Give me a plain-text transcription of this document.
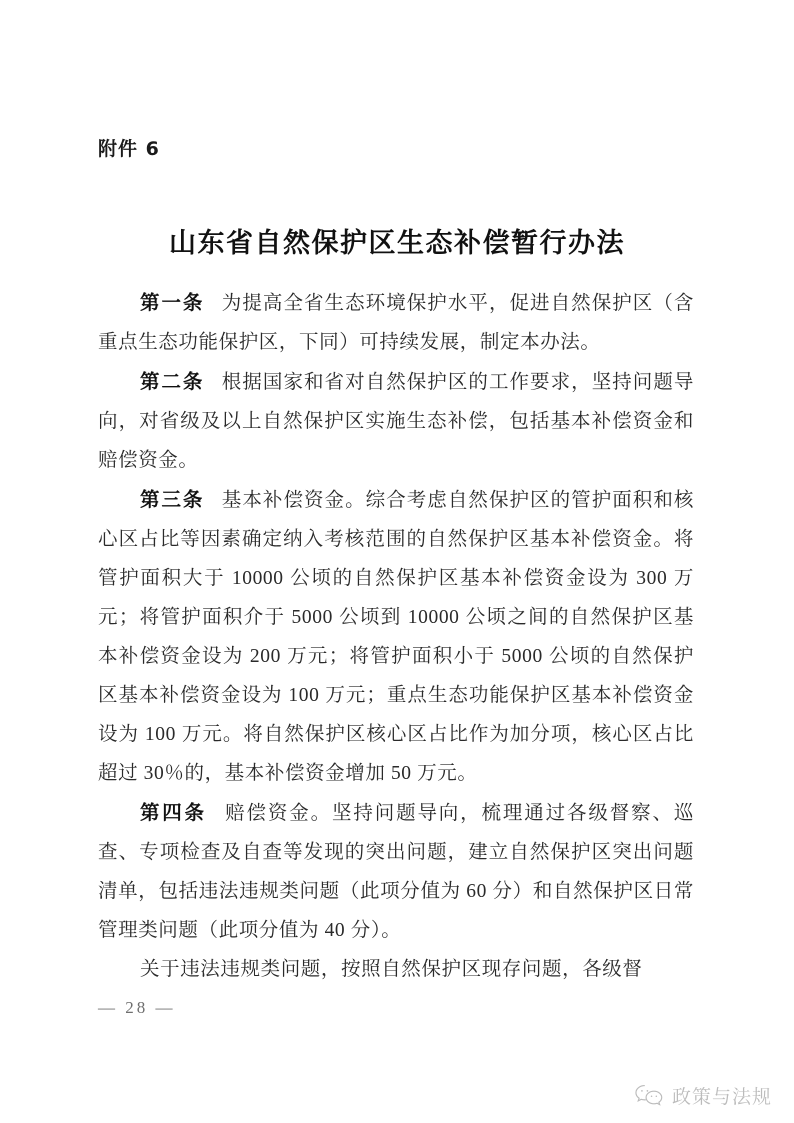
附件 6
山东省自然保护区生态补偿暂行办法

第一条 为提高全省生态环境保护水平，促进自然保护区（含重点生态功能保护区，下同）可持续发展，制定本办法。

第二条 根据国家和省对自然保护区的工作要求，坚持问题导向，对省级及以上自然保护区实施生态补偿，包括基本补偿资金和赔偿资金。

第三条 基本补偿资金。综合考虑自然保护区的管护面积和核心区占比等因素确定纳入考核范围的自然保护区基本补偿资金。将管护面积大于 10000 公顷的自然保护区基本补偿资金设为 300 万元；将管护面积介于 5000 公顷到 10000 公顷之间的自然保护区基本补偿资金设为 200 万元；将管护面积小于 5000 公顷的自然保护区基本补偿资金设为 100 万元；重点生态功能保护区基本补偿资金设为 100 万元。将自然保护区核心区占比作为加分项，核心区占比超过 30％的，基本补偿资金增加 50 万元。

第四条 赔偿资金。坚持问题导向，梳理通过各级督察、巡查、专项检查及自查等发现的突出问题，建立自然保护区突出问题清单，包括违法违规类问题（此项分值为 60 分）和自然保护区日常管理类问题（此项分值为 40 分）。

关于违法违规类问题，按照自然保护区现存问题，各级督

— 28 —
政策与法规
